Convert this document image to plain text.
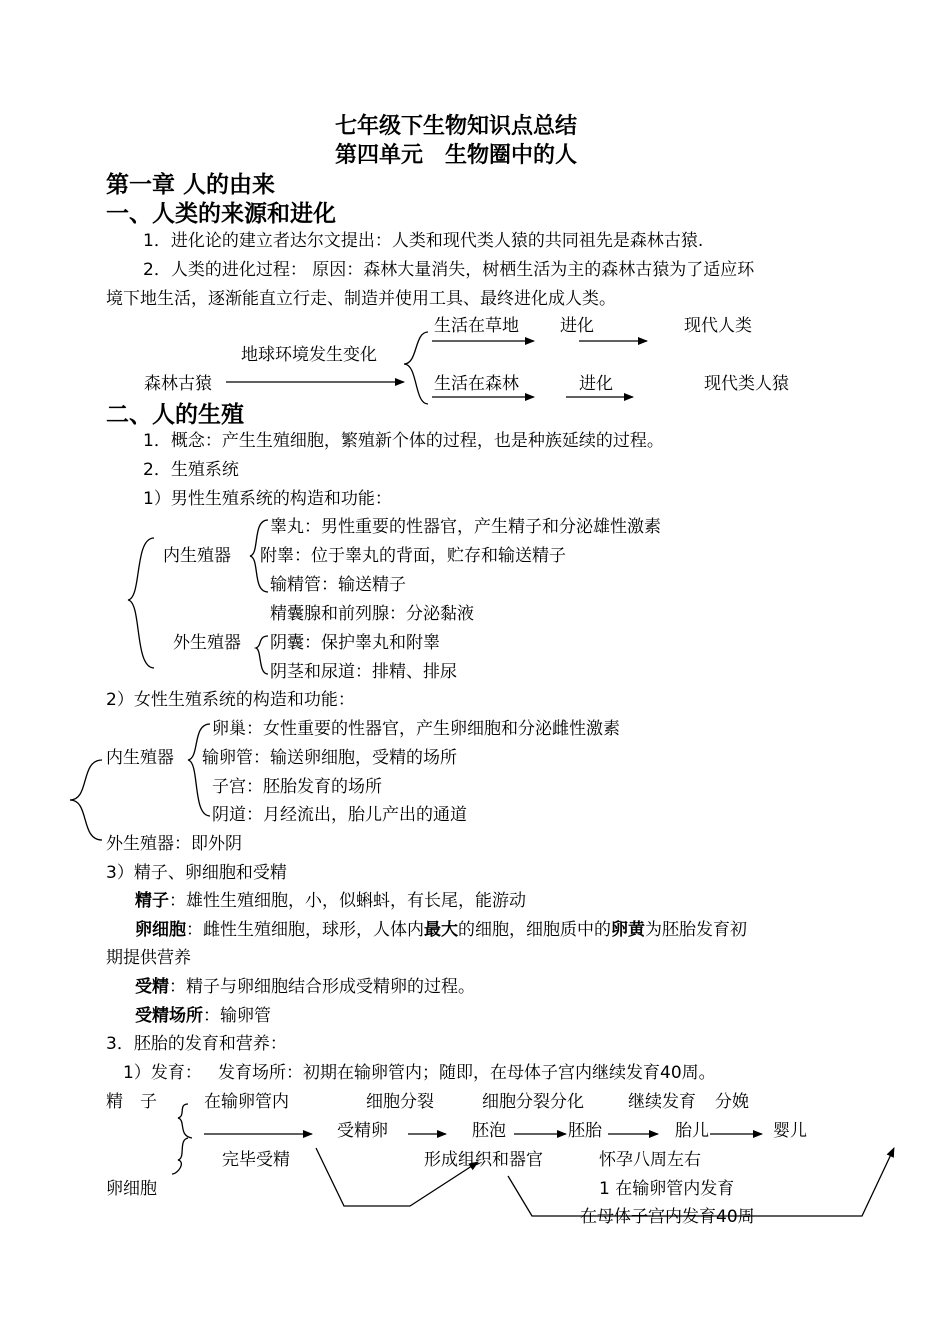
七年级下生物知识点总结
第四单元　生物圈中的人
第一章 人的由来
一、人类的来源和进化
1．进化论的建立者达尔文提出：人类和现代类人猿的共同祖先是森林古猿.
2．人类的进化过程： 原因：森林大量消失，树栖生活为主的森林古猿为了适应环
境下地生活，逐渐能直立行走、制造并使用工具、最终进化成人类。
生活在草地 进化	现代人类
地球环境发生变化
森林古猿	生活在森林	进化	现代类人猿
二、人的生殖
1．概念：产生生殖细胞，繁殖新个体的过程，也是种族延续的过程。
2．生殖系统
1）男性生殖系统的构造和功能：
睾丸：男性重要的性器官，产生精子和分泌雄性激素
内生殖器 附睾：位于睾丸的背面，贮存和输送精子
输精管：输送精子
精囊腺和前列腺：分泌黏液
外生殖器 阴囊：保护睾丸和附睾
阴茎和尿道：排精、排尿
2）女性生殖系统的构造和功能：
卵巢：女性重要的性器官，产生卵细胞和分泌雌性激素
内生殖器 输卵管：输送卵细胞，受精的场所
子宫：胚胎发育的场所
阴道：月经流出，胎儿产出的通道
外生殖器：即外阴
3）精子、卵细胞和受精
精子：雄性生殖细胞，小，似蝌蚪，有长尾，能游动
卵细胞：雌性生殖细胞，球形，人体内最大的细胞，细胞质中的卵黄为胚胎发育初
期提供营养
受精：精子与卵细胞结合形成受精卵的过程。
受精场所：输卵管
3．胚胎的发育和营养：
1）发育：   发育场所：初期在输卵管内；随即，在母体子宫内继续发育40周。
精　子	在输卵管内	细胞分裂	细胞分裂分化	继续发育 分娩
受精卵	胚泡	胚胎	胎儿	婴儿
完毕受精	形成组织和器官	怀孕八周左右
卵细胞	1 在输卵管内发育
在母体子宫内发育40周
